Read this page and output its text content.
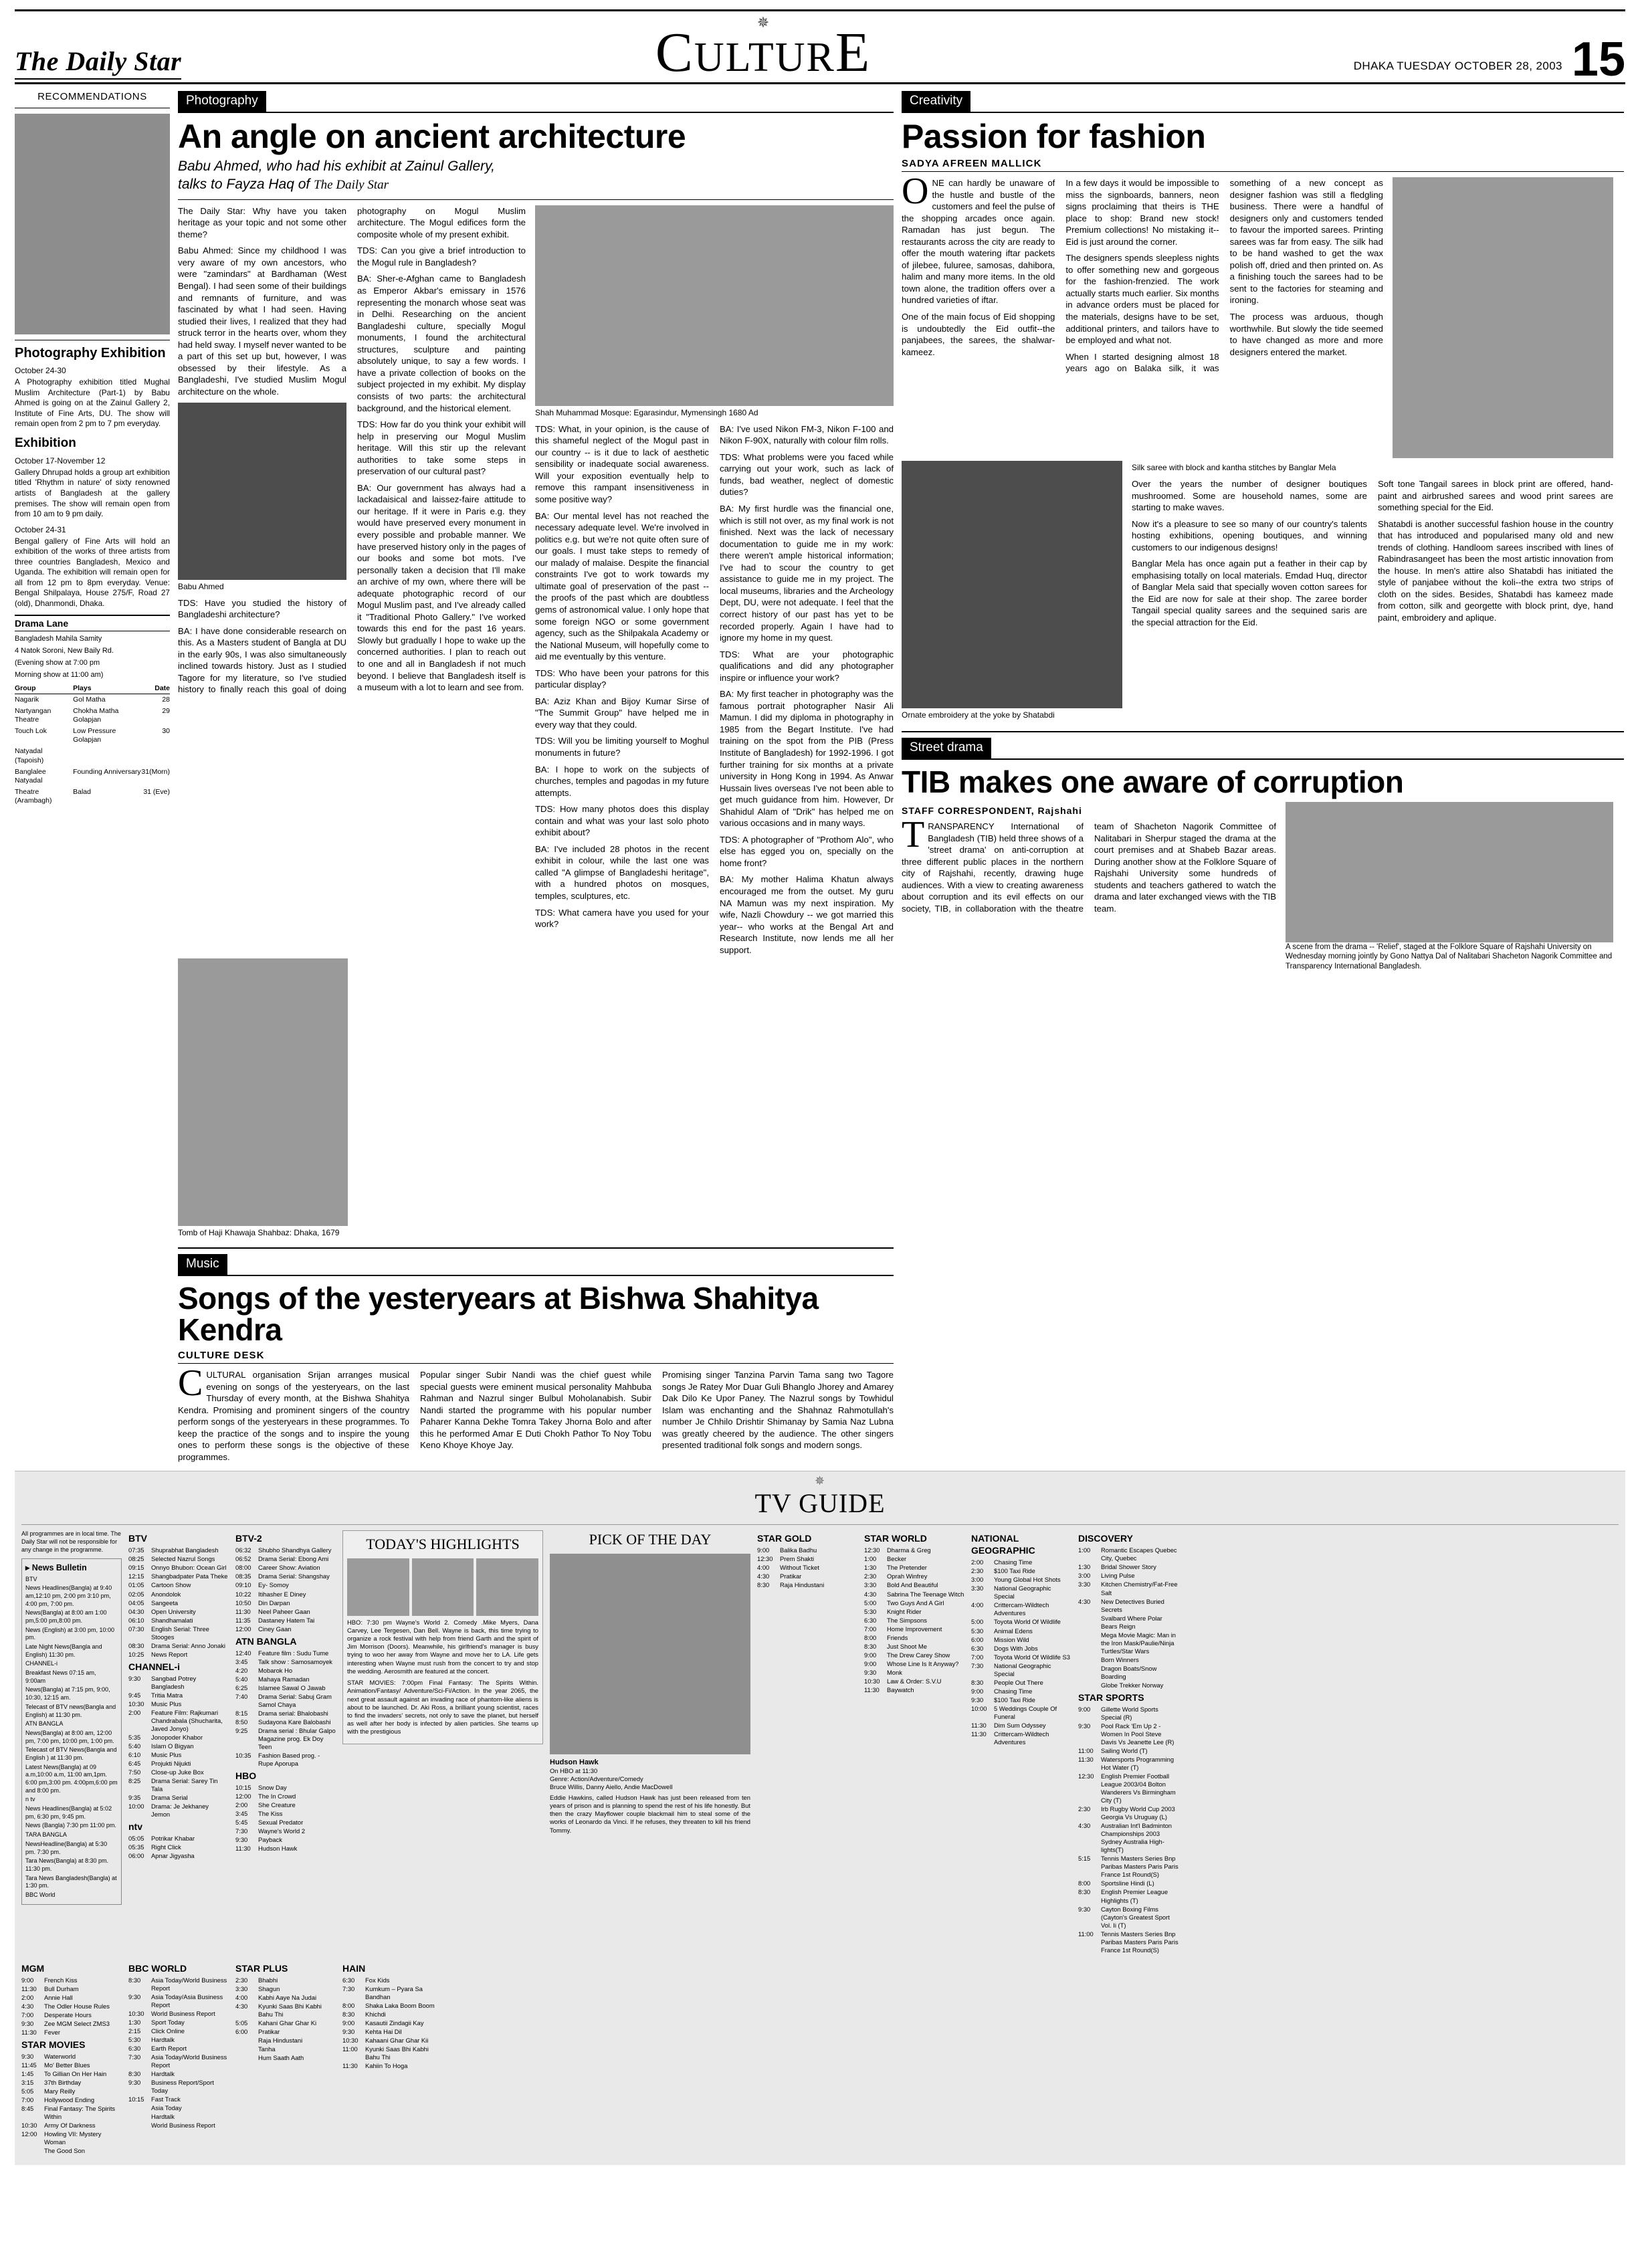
The Daily Star
✵
CULTURE	DHAKA TUESDAY OCTOBER 28, 2003 15
RECOMMENDATIONS
Photography Exhibition
October 24-30
A Photography exhibition titled Mughal Muslim Architecture (Part-1) by Babu Ahmed is going on at the Zainul Gallery 2, Institute of Fine Arts, DU. The show will remain open from 2 pm to 7 pm everyday.
Exhibition
October 17-November 12
Gallery Dhrupad holds a group art exhibition titled 'Rhythm in nature' of sixty renowned artists of Bangladesh at the gallery premises. The show will remain open from from 10 am to 9 pm daily.
October 24-31
Bengal gallery of Fine Arts will hold an exhibition of the works of three artists from three countries Bangladesh, Mexico and Uganda. The exhibition will remain open for all from 12 pm to 8pm everyday. Venue: Bengal Shilpalaya, House 275/F, Road 27 (old), Dhanmondi, Dhaka.
Drama Lane
Bangladesh Mahila Samity
4 Natok Soroni, New Baily Rd.
(Evening show at 7:00 pm
Morning show at 11:00 am)
Group	Plays	Date
Nagarik	Gol Matha	28
Nartyangan Theatre	Chokha Matha Golapjan	29
Touch Lok	Low Pressure Golapjan	30
Natyadal (Tapoish)		
Banglalee Natyadal	Founding Anniversary	31(Morn)
Theatre (Arambagh)	Balad	31 (Eve)
Photography
An angle on ancient architecture
Babu Ahmed, who had his exhibit at Zainul Gallery,
talks to Fayza Haq of The Daily Star

The Daily Star: Why have you taken heritage as your topic and not some other theme?

Babu Ahmed: Since my childhood I was very aware of my own ancestors, who were "zamindars" at Bardhaman (West Bengal). I had seen some of their buildings and remnants of furniture, and was fascinated by what I had seen. Having studied their lives, I realized that they had struck terror in the hearts over, whom they had held sway. I myself never wanted to be a part of this set up but, however, I was obsessed by their lifestyle. As a Bangladeshi, I've studied Muslim Mogul architecture on the whole.

Babu Ahmed

TDS: Have you studied the history of Bangladeshi architecture?

BA: I have done considerable research on this. As a Masters student of Bangla at DU in the early 90s, I was also simultaneously inclined towards history. Just as I studied Tagore for my literature, so I've studied history to finally reach this goal of doing photography on Mogul Muslim architecture. The Mogul edifices form the composite whole of my present exhibit.

TDS: Can you give a brief introduction to the Mogul rule in Bangladesh?

BA: Sher-e-Afghan came to Bangladesh as Emperor Akbar's emissary in 1576 representing the monarch whose seat was in Delhi. Researching on the ancient Bangladeshi culture, specially Mogul monuments, I found the architectural structures, sculpture and painting absolutely unique, to say a few words. I have a private collection of books on the subject projected in my exhibit. My display consists of two parts: the architectural background, and the historical element.

TDS: How far do you think your exhibit will help in preserving our Mogul Muslim heritage. Will this stir up the relevant authorities to take some steps in preservation of our cultural past?

BA: Our government has always had a lackadaisical and laissez-faire attitude to our heritage. If it were in Paris e.g. they would have preserved every monument in every possible and probable manner. We have preserved history only in the pages of our books and some bot mots. I've personally taken a decision that I'll make an archive of my own, where there will be adequate photographic record of our Mogul Muslim past, and I've already called it "Traditional Photo Gallery." I've worked towards this end for the past 16 years. Slowly but gradually I hope to wake up the concerned authorities. I plan to reach out to one and all in Bangladesh if not much beyond. I believe that Bangladesh itself is a museum with a lot to learn and see from.

Shah Muhammad Mosque: Egarasindur, Mymensingh 1680 Ad

TDS: What, in your opinion, is the cause of this shameful neglect of the Mogul past in our country -- is it due to lack of aesthetic sensibility or inadequate social awareness. Will your exposition eventually help to remove this rampant insensitiveness in some positive way?

BA: Our mental level has not reached the necessary adequate level. We're involved in politics e.g. but we're not quite often sure of our goals. I must take steps to remedy of our malady of malaise. Despite the financial constraints I've got to work towards my ultimate goal of preservation of the past -- the proofs of the past which are doubtless gems of astronomical value. I only hope that some foreign NGO or some government agency, such as the Shilpakala Academy or the National Museum, will hopefully come to aid me eventually by this venture.

TDS: Who have been your patrons for this particular display?

BA: Aziz Khan and Bijoy Kumar Sirse of "The Summit Group" have helped me in every way that they could.

TDS: Will you be limiting yourself to Moghul monuments in future?

BA: I hope to work on the subjects of churches, temples and pagodas in my future attempts.

TDS: How many photos does this display contain and what was your last solo photo exhibit about?

BA: I've included 28 photos in the recent exhibit in colour, while the last one was called "A glimpse of Bangladeshi heritage", with a hundred photos on mosques, temples, sculptures, etc.

TDS: What camera have you used for your work?

BA: I've used Nikon FM-3, Nikon F-100 and Nikon F-90X, naturally with colour film rolls.

TDS: What problems were you faced while carrying out your work, such as lack of funds, bad weather, neglect of domestic duties?

BA: My first hurdle was the financial one, which is still not over, as my final work is not finished. Next was the lack of necessary documentation to guide me in my work: there weren't ample historical information; I've had to scour the country to get assistance to guide me in my project. The local museums, libraries and the Archeology Dept, DU, were not adequate. I feel that the correct history of our past has yet to be recorded properly. Again I have had to ignore my home in my quest.

TDS: What are your photographic qualifications and did any photographer inspire or influence your work?

BA: My first teacher in photography was the famous portrait photographer Nasir Ali Mamun. I did my diploma in photography in 1985 from the Begart Institute. I've had training on the spot from the PIB (Press Institute of Bangladesh) for 1992-1996. I got further training for six months at a private university in Hong Kong in 1994. As Anwar Hussain lives overseas I've not been able to get much guidance from him. However, Dr Shahidul Alam of "Drik" has helped me on various occasions and in many ways.

TDS: A photographer of "Prothom Alo", who else has egged you on, specially on the home front?

BA: My mother Halima Khatun always encouraged me from the outset. My guru NA Mamun was my next inspiration. My wife, Nazli Chowdury -- we got married this year-- who works at the Bengal Art and Research Institute, now lends me all her support.

Tomb of Haji Khawaja Shahbaz: Dhaka, 1679
Music
Songs of the yesteryears at Bishwa Shahitya Kendra
CULTURE DESK

CULTURAL organisation Srijan arranges musical evening on songs of the yesteryears, on the last Thursday of every month, at the Bishwa Shahitya Kendra. Promising and prominent singers of the country perform songs of the yesteryears in these programmes. To keep the practice of the songs and to inspire the young ones to perform these songs is the objective of these programmes.

Popular singer Subir Nandi was the chief guest while special guests were eminent musical personality Mahbuba Rahman and Nazrul singer Bulbul Moholanabish. Subir Nandi started the programme with his popular number Paharer Kanna Dekhe Tomra Takey Jhorna Bolo and after this he performed Amar E Duti Chokh Pathor To Noy Tobu Keno Khoye Khoye Jay.

Promising singer Tanzina Parvin Tama sang two Tagore songs Je Ratey Mor Duar Guli Bhanglo Jhorey and Amarey Dak Dilo Ke Upor Paney. The Nazrul songs by Towhidul Islam was enchanting and the Shahnaz Rahmotullah's number Je Chhilo Drishtir Shimanay by Samia Naz Lubna was greatly cheered by the audience. The other singers presented traditional folk songs and modern songs.

Creativity
Passion for fashion
SADYA AFREEN MALLICK

ONE can hardly be unaware of the hustle and bustle of the customers and feel the pulse of the shopping arcades once again. Ramadan has just begun. The restaurants across the city are ready to offer the mouth watering iftar packets of jilebee, fuluree, samosas, dahibora, halim and many more items. In the old town alone, the tradition offers over a hundred varieties of iftar.

One of the main focus of Eid shopping is undoubtedly the Eid outfit--the panjabees, the sarees, the shalwar-kameez.

In a few days it would be impossible to miss the signboards, banners, neon signs proclaiming that theirs is THE place to shop: Brand new stock! Premium collections! No mistaking it--Eid is just around the corner.

The designers spends sleepless nights to offer something new and gorgeous for the fashion-frenzied. The work actually starts much earlier. Six months in advance orders must be placed for the materials, designs have to be set, additional printers, and tailors have to be employed and what not.

When I started designing almost 18 years ago on Balaka silk, it was something of a new concept as designer fashion was still a fledgling business. There were a handful of designers only and customers tended to favour the imported sarees. Printing sarees was far from easy. The silk had to be hand washed to get the wax polish off, dried and then printed on. As a finishing touch the sarees had to be sent to the factories for steaming and ironing.

The process was arduous, though worthwhile. But slowly the tide seemed to have changed as more and more designers entered the market.

Ornate embroidery at the yoke by Shatabdi
Silk saree with block and kantha stitches by Banglar Mela

Over the years the number of designer boutiques mushroomed. Some are household names, some are starting to make waves.

Now it's a pleasure to see so many of our country's talents hosting exhibitions, opening boutiques, and winning customers to our indigenous designs!

Banglar Mela has once again put a feather in their cap by emphasising totally on local materials. Emdad Huq, director of Banglar Mela said that specially woven cotton sarees for the Eid are now for sale at their shop. The zaree border Tangail special quality sarees and the sequined saris are the special attraction for the Eid.

Soft tone Tangail sarees in block print are offered, hand-paint and airbrushed sarees and wood print sarees are something special for the Eid.

Shatabdi is another successful fashion house in the country that has introduced and popularised many old and new trends of clothing. Handloom sarees inscribed with lines of Rabindrasangeet has been the most artistic innovation from the house. In men's attire also Shatabdi has initiated the style of panjabee without the koli--the extra two strips of cloth on the sides. Besides, Shatabdi has kameez made from cotton, silk and georgette with block print, dye, hand paint, embroidery and aplique.

Street drama
TIB makes one aware of corruption
STAFF CORRESPONDENT, Rajshahi

TRANSPARENCY International of Bangladesh (TIB) held three shows of a 'street drama' on anti-corruption at three different public places in the northern city of Rajshahi, recently, drawing huge audiences. With a view to creating awareness about corruption and its evil effects on our society, TIB, in collaboration with the theatre team of Shacheton Nagorik Committee of Nalitabari in Sherpur staged the drama at the court premises and at Shabeb Bazar areas. During another show at the Folklore Square of Rajshahi University some hundreds of students and teachers gathered to watch the drama and later exchanged views with the TIB team.

A scene from the drama -- 'Relief', staged at the Folklore Square of Rajshahi University on Wednesday morning jointly by Gono Nattya Dal of Nalitabari Shacheton Nagorik Committee and Transparency International Bangladesh.
✵
TV GUIDE
All programmes are in local time. The Daily Star will not be responsible for any change in the programme.
▸ News Bulletin
BTV
News Headlines(Bangla) at 9:40 am,12:10 pm, 2:00 pm 3:10 pm, 4:00 pm, 7:00 pm.
News(Bangla) at 8:00 am 1:00 pm,5:00 pm,8:00 pm.
News (English) at 3:00 pm, 10:00 pm.
Late Night News(Bangla and English) 11:30 pm.
CHANNEL-i
Breakfast News 07:15 am, 9:00am
News(Bangla) at 7:15 pm, 9:00, 10:30, 12:15 am.
Telecast of BTV news(Bangla and English) at 11:30 pm.
ATN BANGLA
News(Bangla) at 8:00 am, 12:00 pm, 7:00 pm, 10:00 pm, 1:00 pm.
Telecast of BTV News(Bangla and English ) at 11:30 pm.
Latest News(Bangla) at 09 a.m,10:00 a.m, 11:00 am,1pm. 6:00 pm,3:00 pm. 4:00pm,6:00 pm and 8:00 pm.
n tv
News Headlines(Bangla) at 5:02 pm, 6:30 pm, 9:45 pm.
News (Bangla) 7:30 pm 11:00 pm.
TARA BANGLA
NewsHeadline(Bangla) at 5:30 pm. 7:30 pm.
Tara News(Bangla) at 8:30 pm. 11:30 pm.
Tara News Bangladesh(Bangla) at 1:30 pm.
BBC World
BTV
07:35	Shuprabhat Bangladesh
08:25	Selected Nazrul Songs
09:15	Onnyo Bhubon: Ocean Girl
12:15	Shangbadpater Pata Theke
01:05	Cartoon Show
02:05	Anondolok
04:05	Sangeeta
04:30	Open University
06:10	Shandhamalati
07:30	English Serial: Three Stooges
08:30	Drama Serial: Anno Jonaki
10:25	News Report
CHANNEL-i
9:30	Sangbad Potrey Bangladesh
9:45	Tritia Matra
10:30	Music Plus
2:00	Feature Film: Rajkumari Chandrabala (Shucharita, Javed Jonyo)
5:35	Jonopoder Khabor
5:40	Islam O Bigyan
6:10	Music Plus
6:45	Projukti Nijukti
7:50	Close-up Juke Box
8:25	Drama Serial: Sarey Tin Tala
9:35	Drama Serial
10:00	Drama: Je Jekhaney Jemon
ntv
05:05	Potrikar Khabar
05:35	Right Click
06:00	Apnar Jigyasha
BTV-2
06:32	Shubho Shandhya Gallery
06:52	Drama Serial: Ebong Ami
08:00	Career Show: Aviation
08:35	Drama Serial: Shangshay
09:10	Ey- Somoy
10:22	Itihasher E Diney
10:50	Din Darpan
11:30	Neel Paheer Gaan
11:35	Dastaney Hatem Tai
12:00	Ciney Gaan
ATN BANGLA
12:40	Feature film : Sudu Tume
3:45	Talk show : Samosamoyek
4:20	Mobarok Ho
5:40	Mahaya Ramadan
6:25	Islamee Sawal O Jawab
7:40	Drama Serial: Sabuj Gram Samol Chaya
8:15	Drama serial: Bhalobashi
8:50	Sudayona Kare Balobashi
9:25	Drama serial : Bhular Galpo Magazine prog. Ek Doy Teen
10:35	Fashion Based prog. - Rupe Aporupa
HBO
10:15	Snow Day
12:00	The In Crowd
2:00	She Creature
3:45	The Kiss
5:45	Sexual Predator
7:30	Wayne's World 2
9:30	Payback
11:30	Hudson Hawk
TODAY'S HIGHLIGHTS

HBO: 7:30 pm Wayne's World 2. Comedy .Mike Myers, Dana Carvey, Lee Tergesen, Dan Bell. Wayne is back, this time trying to organize a rock festival with help from friend Garth and the spirit of Jim Morrison (Doors). Meanwhile, his girlfriend's manager is busy trying to woo her away from Wayne and move her to LA. Life gets interesting when Wayne must rush from the concert to try and stop the wedding. Aerosmith are featured at the concert.

STAR MOVIES: 7:00pm Final Fantasy: The Spirits Within. Animation/Fantasy/ Adventure/Sci-Fi/Action. In the year 2065, the next great assault against an invading race of phantom-like aliens is about to be launched. Dr. Aki Ross, a brilliant young scientist, races to find the invaders' secrets, not only to save the planet, but herself as well after her body is infected by alien particles. She teams up with the prestigious

PICK OF THE DAY
Hudson Hawk
On HBO at 11:30
Genre: Action/Adventure/Comedy
Bruce Willis, Danny Aiello, Andie MacDowell

Eddie Hawkins, called Hudson Hawk has just been released from ten years of prison and is planning to spend the rest of his life honestly. But then the crazy Mayflower couple blackmail him to steal some of the works of Leonardo da Vinci. If he refuses, they threaten to kill his friend Tommy.

STAR GOLD
9:00	Balika Badhu
12:30	Prem Shakti
4:00	Without Ticket
4:30	Pratikar
8:30	Raja Hindustani
STAR WORLD
12:30	Dharma & Greg
1:00	Becker
1:30	The Pretender
2:30	Oprah Winfrey
3:30	Bold And Beautiful
4:30	Sabrina The Teenage Witch
5:00	Two Guys And A Girl
5:30	Knight Rider
6:30	The Simpsons
7:00	Home Improvement
8:00	Friends
8:30	Just Shoot Me
9:00	The Drew Carey Show
9:00	Whose Line Is It Anyway?
9:30	Monk
10:30	Law & Order: S.V.U
11:30	Baywatch
NATIONAL GEOGRAPHIC
2:00	Chasing Time
2:30	$100 Taxi Ride
3:00	Young Global Hot Shots
3:30	National Geographic Special
4:00	Crittercam-Wildtech Adventures
5:00	Toyota World Of Wildlife
5:30	Animal Edens
6:00	Mission Wild
6:30	Dogs With Jobs
7:00	Toyota World Of Wildlife S3
7:30	National Geographic Special
8:30	People Out There
9:00	Chasing Time
9:30	$100 Taxi Ride
10:00	5 Weddings Couple Of Funeral
11:30	Dim Sum Odyssey
11:30	Crittercam-Wildtech Adventures
DISCOVERY
1:00	Romantic Escapes Quebec City, Quebec
1:30	Bridal Shower Story
3:00	Living Pulse
3:30	Kitchen Chemistry/Fat-Free Salt
4:30	New Detectives Buried Secrets
Svalbard Where Polar Bears Reign
Mega Movie Magic: Man in the Iron Mask/Paulie/Ninja Turtles/Star Wars
Born Winners
Dragon Boats/Snow Boarding
Globe Trekker Norway
STAR SPORTS
9:00	Gillette World Sports Special (R)
9:30	Pool Rack 'Em Up 2 - Women In Pool Steve Davis Vs Jeanette Lee (R)
11:00	Sailing World (T)
11:30	Watersports Programming Hot Water (T)
12:30	English Premier Football League 2003/04 Bolton Wanderers Vs Birmingham City (T)
2:30	Irb Rugby World Cup 2003 Georgia Vs Uruguay (L)
4:30	Australian Int'l Badminton Championships 2003 Sydney Australia High-lights(T)
5:15	Tennis Masters Series Bnp Paribas Masters Paris Paris France 1st Round(S)
8:00	Sportsline Hindi (L)
8:30	English Premier League Highlights (T)
9:30	Cayton Boxing Films (Cayton's Greatest Sport Vol. Ii (T)
11:00	Tennis Masters Series Bnp Paribas Masters Paris Paris France 1st Round(S)
MGM
9:00	French Kiss
11:30	Bull Durham
2:00	Annie Hall
4:30	The Odler House Rules
7:00	Desperate Hours
9:30	Zee MGM Select ZMS3
11:30	Fever
STAR MOVIES
9:30	Waterworld
11:45	Mo' Better Blues
1:45	To Gillian On Her Hain
3:15	37th Birthday
5:05	Mary Reilly
7:00	Hollywood Ending
8:45	Final Fantasy: The Spirits Within
10:30	Army Of Darkness
12:00	Howling VII: Mystery Woman
The Good Son
BBC WORLD
8:30	Asia Today/World Business Report
9:30	Asia Today/Asia Business Report
10:30	World Business Report
1:30	Sport Today
2:15	Click Online
5:30	Hardtalk
6:30	Earth Report
7:30	Asia Today/World Business Report
8:30	Hardtalk
9:30	Business Report/Sport Today
10:15	Fast Track
Asia Today
Hardtalk
World Business Report
STAR PLUS
2:30	Bhabhi
3:30	Shagun
4:00	Kabhi Aaye Na Judai
4:30	Kyunki Saas Bhi Kabhi Bahu Thi
5:05	Kahani Ghar Ghar Ki
6:00	Pratikar
Raja Hindustani
Tanha
Hum Saath Aath
HAIN
6:30	Fox Kids
7:30	Kumkum – Pyara Sa Bandhan
8:00	Shaka Laka Boom Boom
8:30	Khichdi
9:00	Kasautii Zindagii Kay
9:30	Kehta Hai Dil
10:30	Kahaani Ghar Ghar Kii
11:00	Kyunki Saas Bhi Kabhi Bahu Thi
11:30	Kahiin To Hoga
